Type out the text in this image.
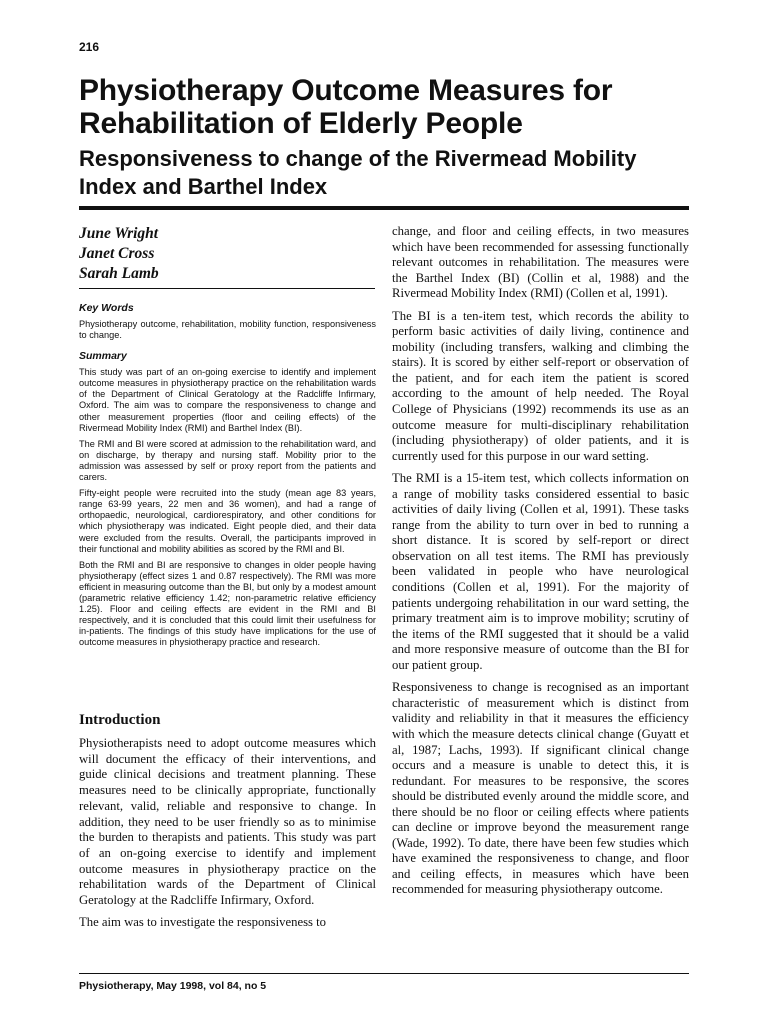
216
Physiotherapy Outcome Measures for Rehabilitation of Elderly People
Responsiveness to change of the Rivermead Mobility Index and Barthel Index
June Wright
Janet Cross
Sarah Lamb
Key Words

Physiotherapy outcome, rehabilitation, mobility function, responsiveness to change.

Summary

This study was part of an on-going exercise to identify and implement outcome measures in physiotherapy practice on the rehabilitation wards of the Department of Clinical Geratology at the Radcliffe Infirmary, Oxford. The aim was to compare the responsiveness to change and other measurement properties (floor and ceiling effects) of the Rivermead Mobility Index (RMI) and Barthel Index (BI).

The RMI and BI were scored at admission to the rehabilitation ward, and on discharge, by therapy and nursing staff. Mobility prior to the admission was assessed by self or proxy report from the patients and carers.

Fifty-eight people were recruited into the study (mean age 83 years, range 63-99 years, 22 men and 36 women), and had a range of orthopaedic, neurological, cardiorespiratory, and other conditions for which physiotherapy was indicated. Eight people died, and their data were excluded from the results. Overall, the participants improved in their functional and mobility abilities as scored by the RMI and BI.

Both the RMI and BI are responsive to changes in older people having physiotherapy (effect sizes 1 and 0.87 respectively). The RMI was more efficient in measuring outcome than the BI, but only by a modest amount (parametric relative efficiency 1.42; non-parametric relative efficiency 1.25). Floor and ceiling effects are evident in the RMI and BI respectively, and it is concluded that this could limit their usefulness for in-patients. The findings of this study have implications for the use of outcome measures in physiotherapy practice and research.

Introduction

Physiotherapists need to adopt outcome measures which will document the efficacy of their interventions, and guide clinical decisions and treatment planning. These measures need to be clinically appropriate, functionally relevant, valid, reliable and responsive to change. In addition, they need to be user friendly so as to minimise the burden to therapists and patients. This study was part of an on-going exercise to identify and implement outcome measures in physiotherapy practice on the rehabilitation wards of the Department of Clinical Geratology at the Radcliffe Infirmary, Oxford.

The aim was to investigate the responsiveness to

change, and floor and ceiling effects, in two measures which have been recommended for assessing functionally relevant outcomes in rehabilitation. The measures were the Barthel Index (BI) (Collin et al, 1988) and the Rivermead Mobility Index (RMI) (Collen et al, 1991).

The BI is a ten-item test, which records the ability to perform basic activities of daily living, continence and mobility (including transfers, walking and climbing the stairs). It is scored by either self-report or observation of the patient, and for each item the patient is scored according to the amount of help needed. The Royal College of Physicians (1992) recommends its use as an outcome measure for multi-disciplinary rehabilitation (including physiotherapy) of older patients, and it is currently used for this purpose in our ward setting.

The RMI is a 15-item test, which collects information on a range of mobility tasks considered essential to basic activities of daily living (Collen et al, 1991). These tasks range from the ability to turn over in bed to running a short distance. It is scored by self-report or direct observation on all test items. The RMI has previously been validated in people who have neurological conditions (Collen et al, 1991). For the majority of patients undergoing rehabilitation in our ward setting, the primary treatment aim is to improve mobility; scrutiny of the items of the RMI suggested that it should be a valid and more responsive measure of outcome than the BI for our patient group.

Responsiveness to change is recognised as an important characteristic of measurement which is distinct from validity and reliability in that it measures the efficiency with which the measure detects clinical change (Guyatt et al, 1987; Lachs, 1993). If significant clinical change occurs and a measure is unable to detect this, it is redundant. For measures to be responsive, the scores should be distributed evenly around the middle score, and there should be no floor or ceiling effects where patients can decline or improve beyond the measurement range (Wade, 1992). To date, there have been few studies which have examined the responsiveness to change, and floor and ceiling effects, in measures which have been recommended for measuring physiotherapy outcome.

Physiotherapy, May 1998, vol 84, no 5
